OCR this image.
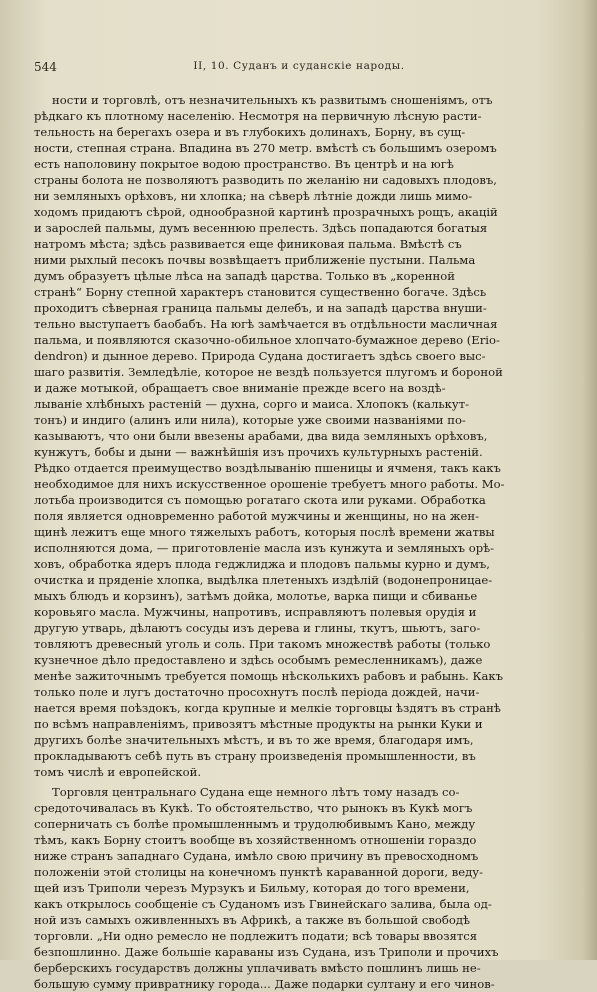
544	II, 10. Суданъ и суданскіе народы.
ности и торговлѣ, отъ незначительныхъ къ развитымъ сношеніямъ, отъ
рѣдкаго къ плотному населенію. Несмотря на первичную лѣсную расти-
тельность на берегахъ озера и въ глубокихъ долинахъ, Борну, въ сущ-
ности, степная страна. Впадина въ 270 метр. вмѣстѣ съ большимъ озеромъ
есть наполовину покрытое водою пространство. Въ центрѣ и на югѣ
страны болота не позволяютъ разводить по желанію ни садовыхъ плодовъ,
ни земляныхъ орѣховъ, ни хлопка; на сѣверѣ лѣтніе дожди лишь мимо-
ходомъ придаютъ сѣрой, однообразной картинѣ прозрачныхъ рощъ, акацій
и зарослей пальмы, думъ весеннюю прелесть. Здѣсь попадаются богатыя
натромъ мѣста; здѣсь развивается еще финиковая пальма. Вмѣстѣ съ
ними рыхлый песокъ почвы возвѣщаетъ приближеніе пустыни. Пальма
думъ образуетъ цѣлые лѣса на западѣ царства. Только въ „коренной
странѣ“ Борну степной характеръ становится существенно богаче. Здѣсь
проходитъ сѣверная граница пальмы делебъ, и на западѣ царства внуши-
тельно выступаетъ баобабъ. На югѣ замѣчается въ отдѣльности масличная
пальма, и появляются сказочно-обильное хлопчато-бумажное дерево (Erio-
dendron) и дынное дерево. Природа Судана достигаетъ здѣсь своего выс-
шаго развитія. Земледѣліе, которое не вездѣ пользуется плугомъ и бороной
и даже мотыкой, обращаетъ свое вниманіе прежде всего на воздѣ-
лываніе хлѣбныхъ растеній — духна, сорго и маиса. Хлопокъ (калькут-
тонъ) и индиго (алинъ или нила), которые уже своими названіями по-
казываютъ, что они были ввезены арабами, два вида земляныхъ орѣховъ,
кунжутъ, бобы и дыни — важнѣйшія изъ прочихъ культурныхъ растеній.
Рѣдко отдается преимущество воздѣлыванію пшеницы и ячменя, такъ какъ
необходимое для нихъ искусственное орошеніе требуетъ много работы. Мо-
лотьба производится съ помощью рогатаго скота или руками. Обработка
поля является одновременно работой мужчины и женщины, но на жен-
щинѣ лежитъ еще много тяжелыхъ работъ, которыя послѣ времени жатвы
исполняются дома, — приготовленіе масла изъ кунжута и земляныхъ орѣ-
ховъ, обработка ядеръ плода геджлиджа и плодовъ пальмы курно и думъ,
очистка и пряденіе хлопка, выдѣлка плетеныхъ издѣлій (водонепроницае-
мыхъ блюдъ и корзинъ), затѣмъ дойка, молотье, варка пищи и сбиванье
коровьяго масла. Мужчины, напротивъ, исправляютъ полевыя орудія и
другую утварь, дѣлаютъ сосуды изъ дерева и глины, ткутъ, шьютъ, заго-
товляютъ древесный уголь и соль. При такомъ множествѣ работы (только
кузнечное дѣло предоставлено и здѣсь особымъ ремесленникамъ), даже
менѣе зажиточнымъ требуется помощь нѣсколькихъ рабовъ и рабынь. Какъ
только поле и лугъ достаточно просохнутъ послѣ періода дождей, начи-
нается время поѣздокъ, когда крупные и мелкіе торговцы ѣздятъ въ странѣ
по всѣмъ направленіямъ, привозятъ мѣстные продукты на рынки Куки и
другихъ болѣе значительныхъ мѣстъ, и въ то же время, благодаря имъ,
прокладываютъ себѣ путь въ страну произведенія промышленности, въ
томъ числѣ и европейской.
Торговля центральнаго Судана еще немного лѣтъ тому назадъ со-
средоточивалась въ Кукѣ. То обстоятельство, что рынокъ въ Кукѣ могъ
соперничать съ болѣе промышленнымъ и трудолюбивымъ Кано, между
тѣмъ, какъ Борну стоитъ вообще въ хозяйственномъ отношеніи гораздо
ниже странъ западнаго Судана, имѣло свою причину въ превосходномъ
положеніи этой столицы на конечномъ пунктѣ караванной дороги, веду-
щей изъ Триполи черезъ Мурзукъ и Бильму, которая до того времени,
какъ открылось сообщеніе съ Суданомъ изъ Гвинейскаго залива, была од-
ной изъ самыхъ оживленныхъ въ Африкѣ, а также въ большой свободѣ
торговли. „Ни одно ремесло не подлежитъ подати; всѣ товары ввозятся
безпошлинно. Даже большіе караваны изъ Судана, изъ Триполи и прочихъ
берберскихъ государствъ должны уплачивать вмѣсто пошлинъ лишь не-
большую сумму привратнику города... Даже подарки султану и его чинов-
